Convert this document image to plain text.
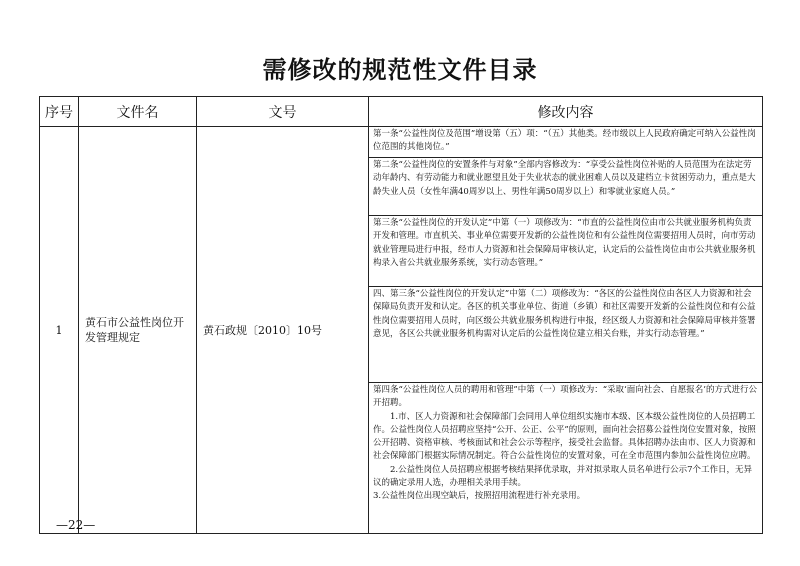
需修改的规范性文件目录
序号	文件名	文号	修改内容
1	黄石市公益性岗位开发管理规定	黄石政规〔2010〕10号	第一条“公益性岗位及范围”增设第（五）项：“（五）其他类。经市级以上人民政府确定可纳入公益性岗位范围的其他岗位。”
			第二条“公益性岗位的安置条件与对象”全部内容修改为：“享受公益性岗位补贴的人员范围为在法定劳动年龄内、有劳动能力和就业愿望且处于失业状态的就业困难人员以及建档立卡贫困劳动力，重点是大龄失业人员（女性年满40周岁以上、男性年满50周岁以上）和零就业家庭人员。”
			第三条“公益性岗位的开发认定”中第（一）项修改为：“市直的公益性岗位由市公共就业服务机构负责开发和管理。市直机关、事业单位需要开发新的公益性岗位和有公益性岗位需要招用人员时，向市劳动就业管理局进行申报，经市人力资源和社会保障局审核认定，认定后的公益性岗位由市公共就业服务机构录入省公共就业服务系统，实行动态管理。”
			四、第三条“公益性岗位的开发认定”中第（二）项修改为：“各区的公益性岗位由各区人力资源和社会保障局负责开发和认定。各区的机关事业单位、街道（乡镇）和社区需要开发新的公益性岗位和有公益性岗位需要招用人员时，向区级公共就业服务机构进行申报，经区级人力资源和社会保障局审核并签署意见，各区公共就业服务机构需对认定后的公益性岗位建立相关台账，并实行动态管理。”

			第四条“公益性岗位人员的聘用和管理”中第（一）项修改为：“采取‘面向社会、自愿报名’的方式进行公开招聘。
1.市、区人力资源和社会保障部门会同用人单位组织实施市本级、区本级公益性岗位的人员招聘工作。公益性岗位人员招聘应坚持“公开、公正、公平”的原则，面向社会招募公益性岗位安置对象，按照公开招聘、资格审核、考核面试和社会公示等程序，接受社会监督。具体招聘办法由市、区人力资源和社会保障部门根据实际情况制定。符合公益性岗位的安置对象，可在全市范围内参加公益性岗位应聘。
2.公益性岗位人员招聘应根据考核结果择优录取，并对拟录取人员名单进行公示7个工作日，无异议的确定录用人选，办理相关录用手续。
3.公益性岗位出现空缺后，按照招用流程进行补充录用。
—22—
